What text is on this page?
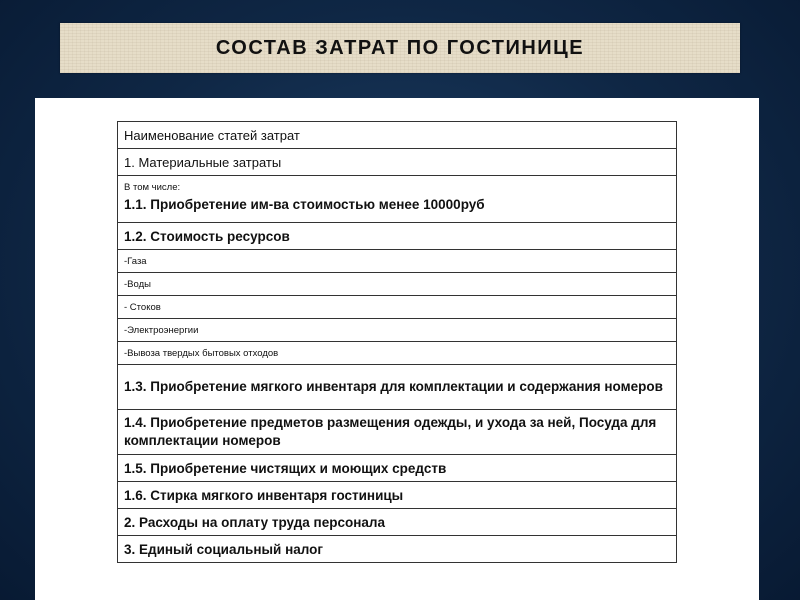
СОСТАВ ЗАТРАТ ПО ГОСТИНИЦЕ
Наименование статей затрат
1. Материальные затраты

В том числе:
1.1. Приобретение им-ва стоимостью менее 10000руб

1.2. Стоимость ресурсов
-Газа
-Воды
- Стоков
-Электроэнергии
-Вывоза твердых бытовых отходов
1.3. Приобретение мягкого инвентаря для комплектации и содержания номеров
1.4. Приобретение предметов размещения одежды, и ухода за ней, Посуда для комплектации номеров
1.5. Приобретение чистящих и моющих средств
1.6. Стирка мягкого инвентаря гостиницы
2. Расходы на оплату труда персонала
3. Единый социальный налог
